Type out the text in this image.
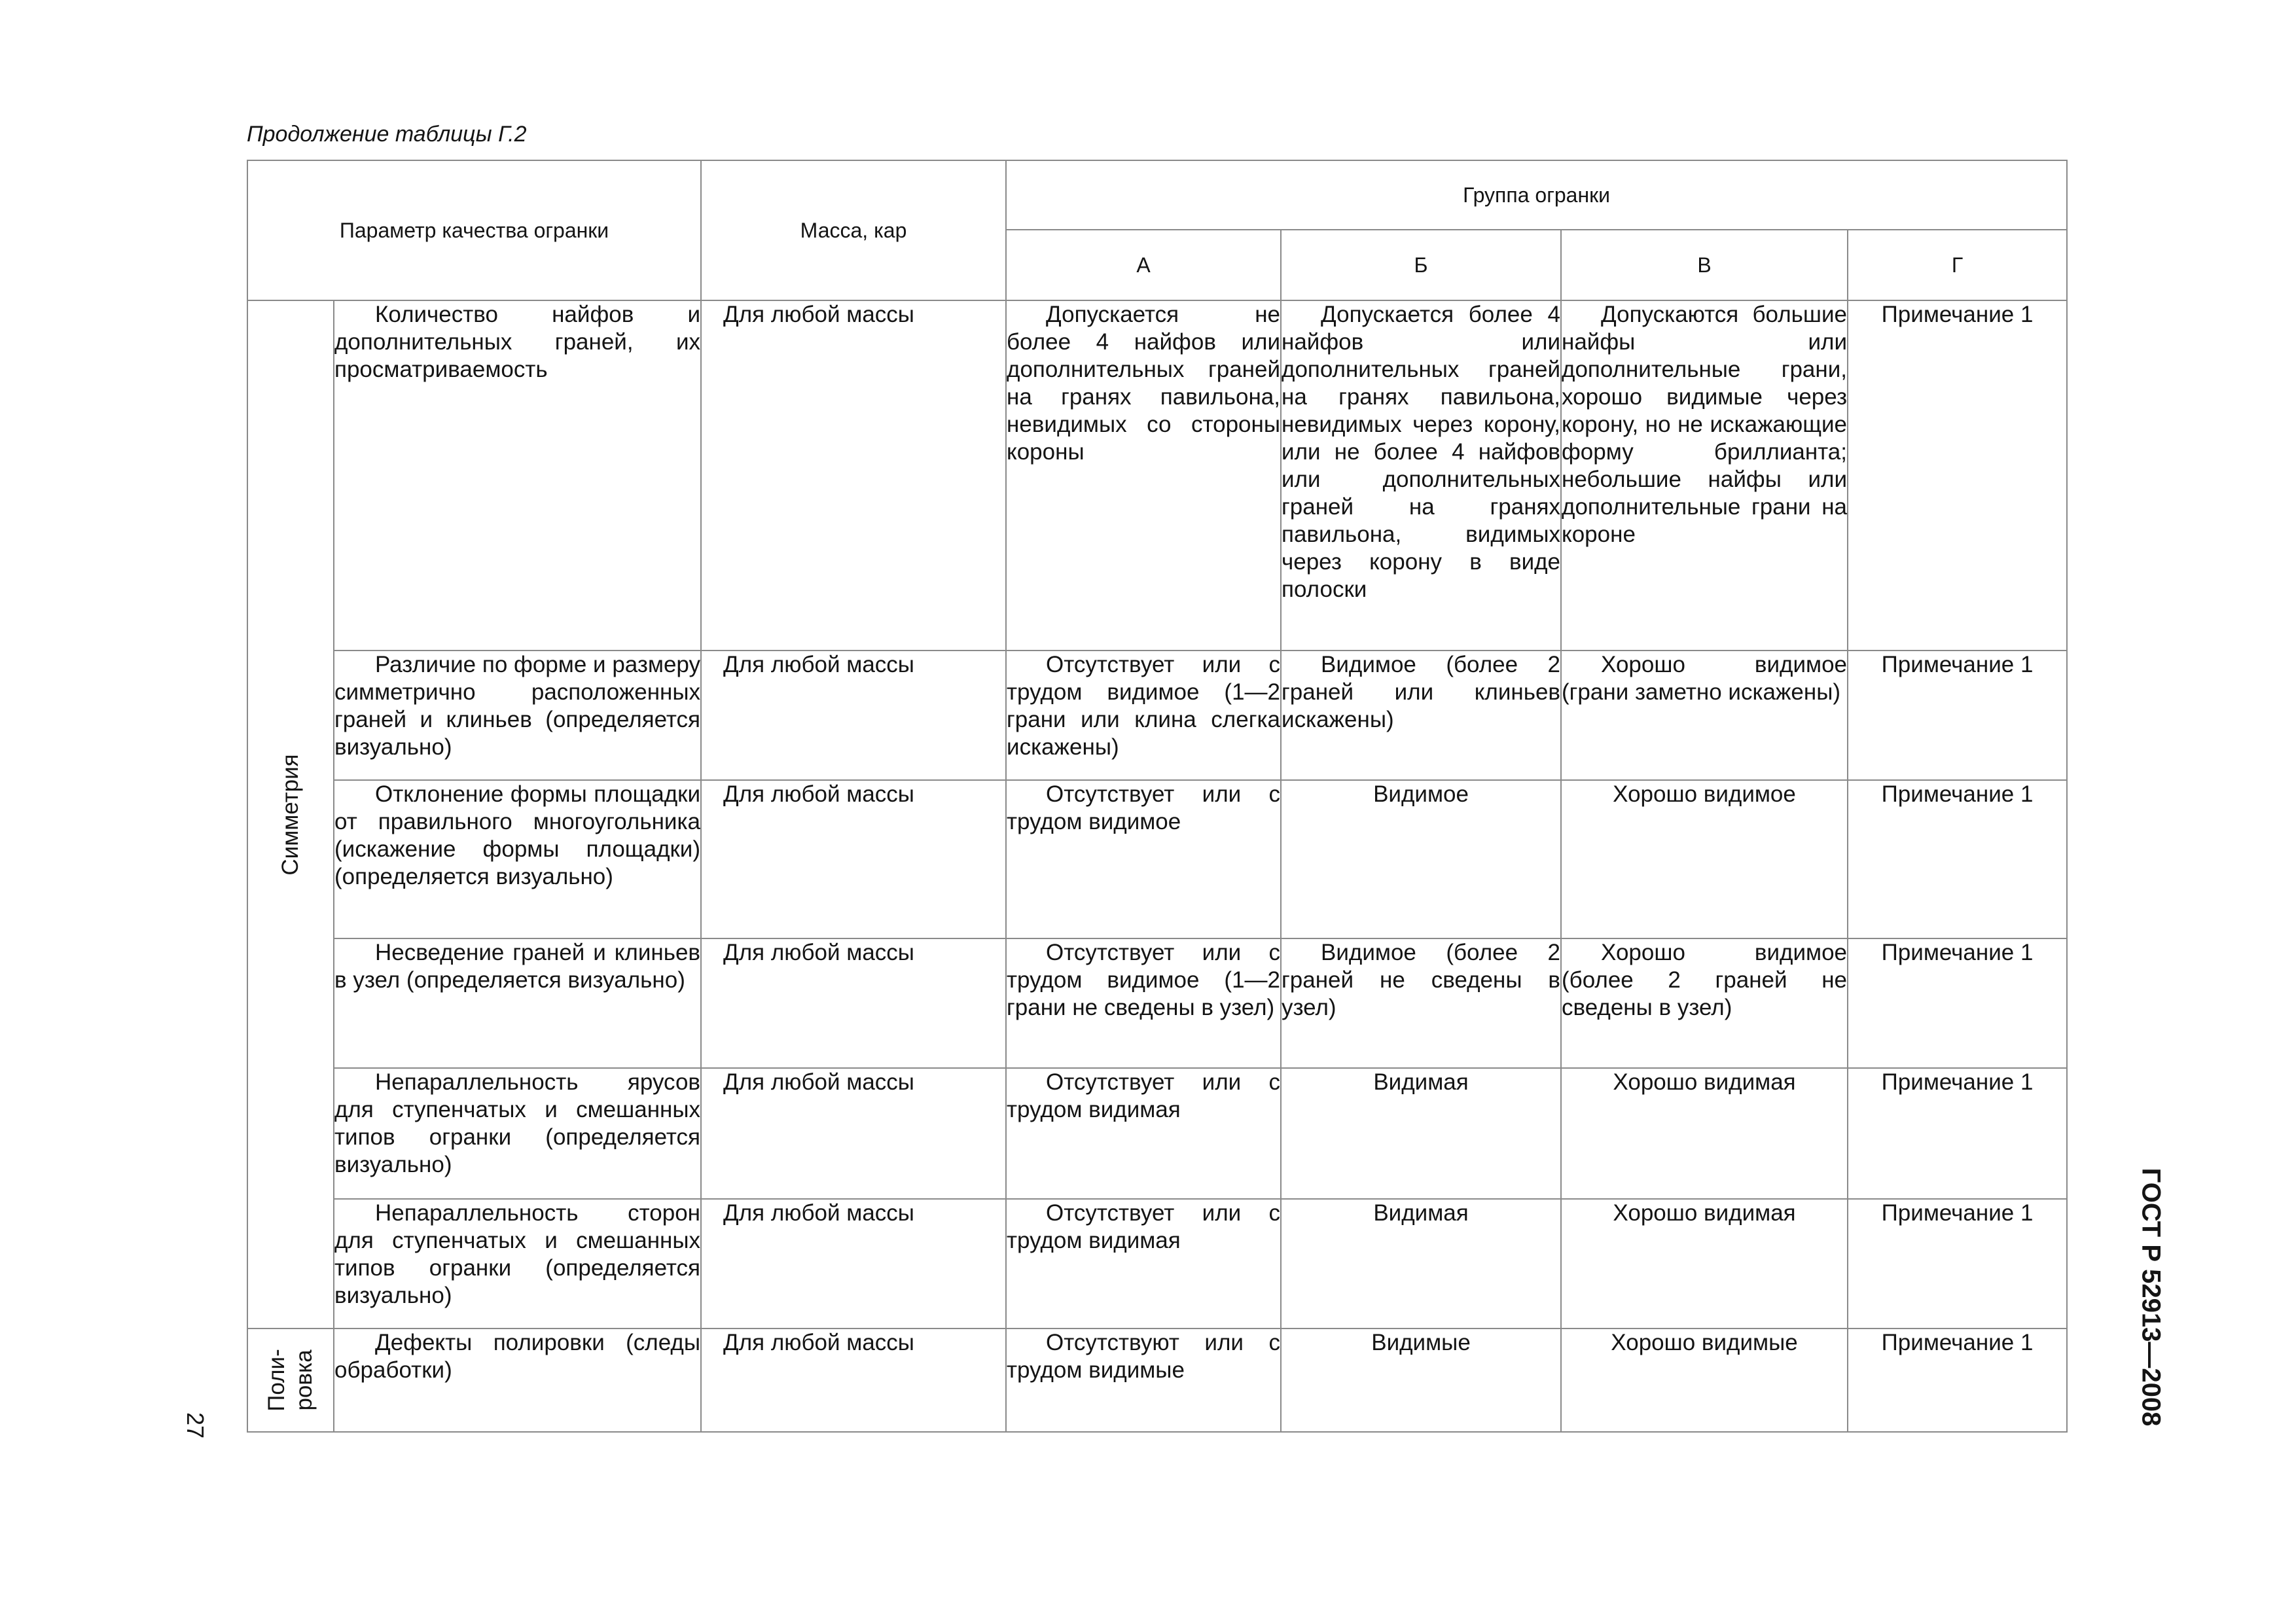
Продолжение таблицы Г.2
Параметр качества огранки		Масса, кар	Группа огранки			
			А	Б	В	Г

Симметрия	Количество найфов и дополнительных граней, их просматриваемость	Для любой массы	Допускается не более 4 найфов или дополнительных граней на гранях павильона, невидимых со стороны короны	Допускается более 4 найфов или дополнительных граней на гранях павильона, невидимых через корону, или не более 4 найфов или дополнительных граней на гранях павильона, видимых через корону в виде полоски	Допускаются большие найфы или дополнительные грани, хорошо видимые через корону, но не искажающие форму бриллианта; небольшие найфы или дополнительные грани на короне	Примечание 1
	Различие по форме и размеру симметрично расположенных граней и клиньев (определяется визуально)	Для любой массы	Отсутствует или с трудом видимое (1—2 грани или клина слегка искажены)	Видимое (более 2 граней или клиньев искажены)	Хорошо видимое (грани заметно искажены)	Примечание 1
	Отклонение формы площадки от правильного многоугольника (искажение формы площадки) (определяется визуально)	Для любой массы	Отсутствует или с трудом видимое	Видимое	Хорошо видимое	Примечание 1
	Несведение граней и клиньев в узел (определяется визуально)	Для любой массы	Отсутствует или с трудом видимое (1—2 грани не сведены в узел)	Видимое (более 2 граней не сведены в узел)	Хорошо видимое (более 2 граней не сведены в узел)	Примечание 1
	Непараллельность ярусов для ступенчатых и смешанных типов огранки (определяется визуально)	Для любой массы	Отсутствует или с трудом видимая	Видимая	Хорошо видимая	Примечание 1
	Непараллельность сторон для ступенчатых и смешанных типов огранки (определяется визуально)	Для любой массы	Отсутствует или с трудом видимая	Видимая	Хорошо видимая	Примечание 1

Поли-
ровка	Дефекты полировки (следы обработки)	Для любой массы	Отсутствуют или с трудом видимые	Видимые	Хорошо видимые	Примечание 1	ГОСТ Р 52913—2008
27
